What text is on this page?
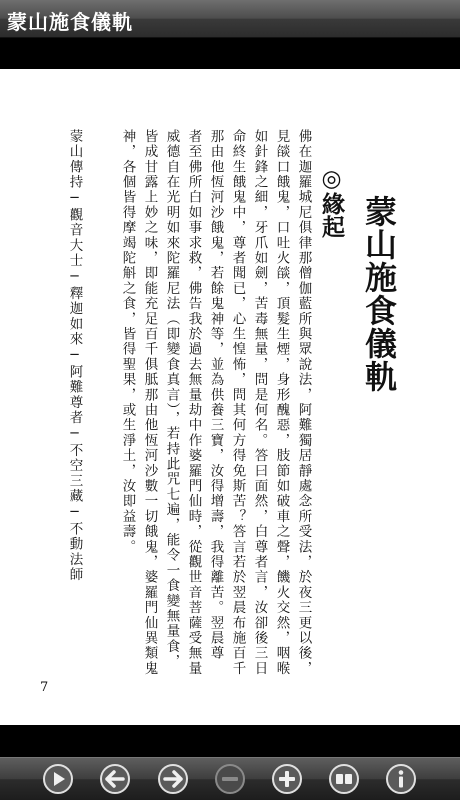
蒙山施食儀軌
蒙山施食儀軌
◎緣起
佛在迦羅城尼俱律那僧伽藍所與眾說法，阿難獨居靜處念所受法，於夜三更以後，
見燄口餓鬼，口吐火燄，頂髮生煙，身形醜惡，肢節如破車之聲，饑火交然，咽喉
如針鋒之細，牙爪如劍，苦毒無量，問是何名。答曰面然，白尊者言，汝卻後三日
命終生餓鬼中，尊者聞已，心生惶怖，問其何方得免斯苦？答言若於翌晨布施百千
那由他恆河沙餓鬼，若餘鬼神等，並為供養三寶，汝得增壽，我得離苦。翌晨尊
者至佛所白如事求救，佛告我於過去無量劫中作婆羅門仙時，從觀世音菩薩受無量
威德自在光明如來陀羅尼法（即變食真言），若持此咒七遍，能令一食變無量食，
皆成甘露上妙之味，即能充足百千俱胝那由他恆河沙數一切餓鬼，婆羅門仙異類鬼
神，各個皆得摩竭陀斛之食，皆得聖果，或生淨土，汝即益壽。
蒙山傳持─觀音大士─釋迦如來─阿難尊者─不空三藏─不動法師
7
